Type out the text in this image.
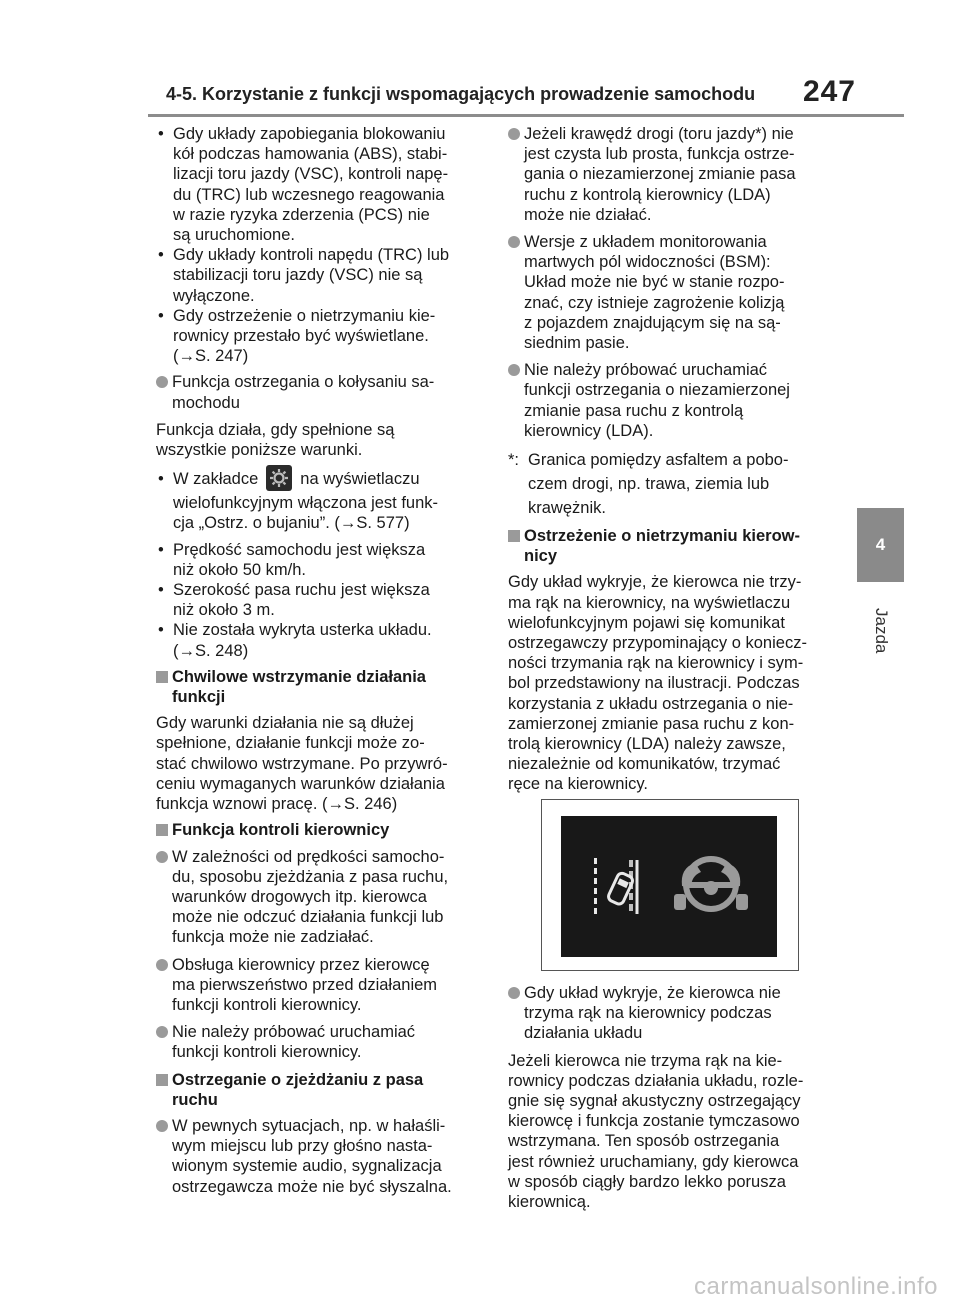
4-5. Korzystanie z funkcji wspomagających prowadzenie samochodu 247
4
Jazda
• Gdy układy zapobiegania blokowaniu
kół podczas hamowania (ABS), stabi-
lizacji toru jazdy (VSC), kontroli napę-
du (TRC) lub wczesnego reagowania
w razie ryzyka zderzenia (PCS) nie
są uruchomione.
• Gdy układy kontroli napędu (TRC) lub
stabilizacji toru jazdy (VSC) nie są
wyłączone.
• Gdy ostrzeżenie o nietrzymaniu kie-
rownicy przestało być wyświetlane.
(→S. 247)
Funkcja ostrzegania o kołysaniu sa-
mochodu

Funkcja działa, gdy spełnione są
wszystkie poniższe warunki.

• W zakładce	na wyświetlaczu
wielofunkcyjnym włączona jest funk-
cja „Ostrz. o bujaniu”. (→S. 577)
• Prędkość samochodu jest większa
niż około 50 km/h.
• Szerokość pasa ruchu jest większa
niż około 3 m.
• Nie została wykryta usterka układu.
(→S. 248)
Chwilowe wstrzymanie działania
funkcji

Gdy warunki działania nie są dłużej
spełnione, działanie funkcji może zo-
stać chwilowo wstrzymane. Po przywró-
ceniu wymaganych warunków działania
funkcja wznowi pracę. (→S. 246)

Funkcja kontroli kierownicy
W zależności od prędkości samocho-
du, sposobu zjeżdżania z pasa ruchu,
warunków drogowych itp. kierowca
może nie odczuć działania funkcji lub
funkcja może nie zadziałać.
Obsługa kierownicy przez kierowcę
ma pierwszeństwo przed działaniem
funkcji kontroli kierownicy.
Nie należy próbować uruchamiać
funkcji kontroli kierownicy.
Ostrzeganie o zjeżdżaniu z pasa
ruchu
W pewnych sytuacjach, np. w hałaśli-
wym miejscu lub przy głośno nasta-
wionym systemie audio, sygnalizacja
ostrzegawcza może nie być słyszalna.
Jeżeli krawędź drogi (toru jazdy*) nie
jest czysta lub prosta, funkcja ostrze-
gania o niezamierzonej zmianie pasa
ruchu z kontrolą kierownicy (LDA)
może nie działać.
Wersje z układem monitorowania
martwych pól widoczności (BSM):
Układ może nie być w stanie rozpo-
znać, czy istnieje zagrożenie kolizją
z pojazdem znajdującym się na są-
siednim pasie.
Nie należy próbować uruchamiać
funkcji ostrzegania o niezamierzonej
zmianie pasa ruchu z kontrolą
kierownicy (LDA).
*: Granica pomiędzy asfaltem a pobo-
czem drogi, np. trawa, ziemia lub
krawężnik.
Ostrzeżenie o nietrzymaniu kierow-
nicy

Gdy układ wykryje, że kierowca nie trzy-
ma rąk na kierownicy, na wyświetlaczu
wielofunkcyjnym pojawi się komunikat
ostrzegawczy przypominający o koniecz-
ności trzymania rąk na kierownicy i sym-
bol przedstawiony na ilustracji. Podczas
korzystania z układu ostrzegania o nie-
zamierzonej zmianie pasa ruchu z kon-
trolą kierownicy (LDA) należy zawsze,
niezależnie od komunikatów, trzymać
ręce na kierownicy.

Gdy układ wykryje, że kierowca nie
trzyma rąk na kierownicy podczas
działania układu

Jeżeli kierowca nie trzyma rąk na kie-
rownicy podczas działania układu, rozle-
gnie się sygnał akustyczny ostrzegający
kierowcę i funkcja zostanie tymczasowo
wstrzymana. Ten sposób ostrzegania
jest również uruchamiany, gdy kierowca
w sposób ciągły bardzo lekko porusza
kierownicą.

carmanualsonline.info
